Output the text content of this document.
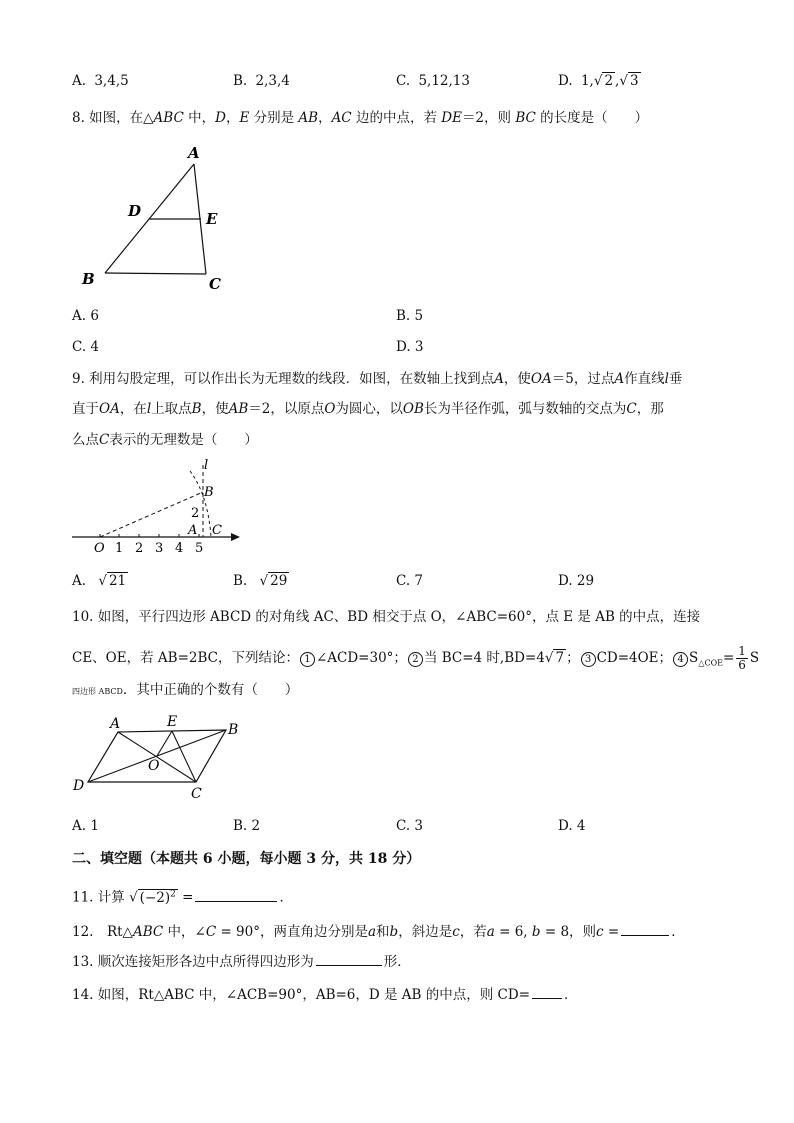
A. 3,4,5	B. 2,3,4	C. 5,12,13	D. 1,√ 2 ,√ 3
8. 如图，在△ABC 中，D，E 分别是 AB，AC 边的中点，若 DE＝2，则 BC 的长度是（　　）
A
D	E
B	C
A. 6	B. 5
C. 4	D. 3
9. 利用勾股定理，可以作出长为无理数的线段．如图，在数轴上找到点A，使OA＝5，过点A作直线l垂
直于OA，在l上取点B，使AB＝2，以原点O为圆心，以OB长为半径作弧，弧与数轴的交点为C，那
么点C表示的无理数是（　　）
l
B
2
A C
O 1 2 3 4 5
A. √ 21	B. √ 29	C. 7	D. 29
10. 如图，平行四边形 ABCD 的对角线 AC、BD 相交于点 O，∠ABC=60°，点 E 是 AB 的中点，连接
CE、OE，若 AB=2BC，下列结论： 1 ∠ACD=30°； 2 当 BC=4 时,BD=4√ 7 ； 3 CD=4OE； 4 $S_{\triangle COE}= \frac{1}{6}$ S
四边形 ABCD．其中正确的个数有（　　）
A	E	B
O
D	C
A. 1	B. 2	C. 3	D. 4
二、填空题（本题共 6 小题，每小题 3 分，共 18 分）
11. 计算 √ $(-2)^2$ =	．
12.　Rt△ABC 中，∠C = 90°，两直角边分别是a和b，斜边是c，若a = 6, b = 8，则c =	．
13. 顺次连接矩形各边中点所得四边形为	形．
14. 如图，Rt△ABC 中，∠ACB=90°，AB=6，D 是 AB 的中点，则 CD=	．
